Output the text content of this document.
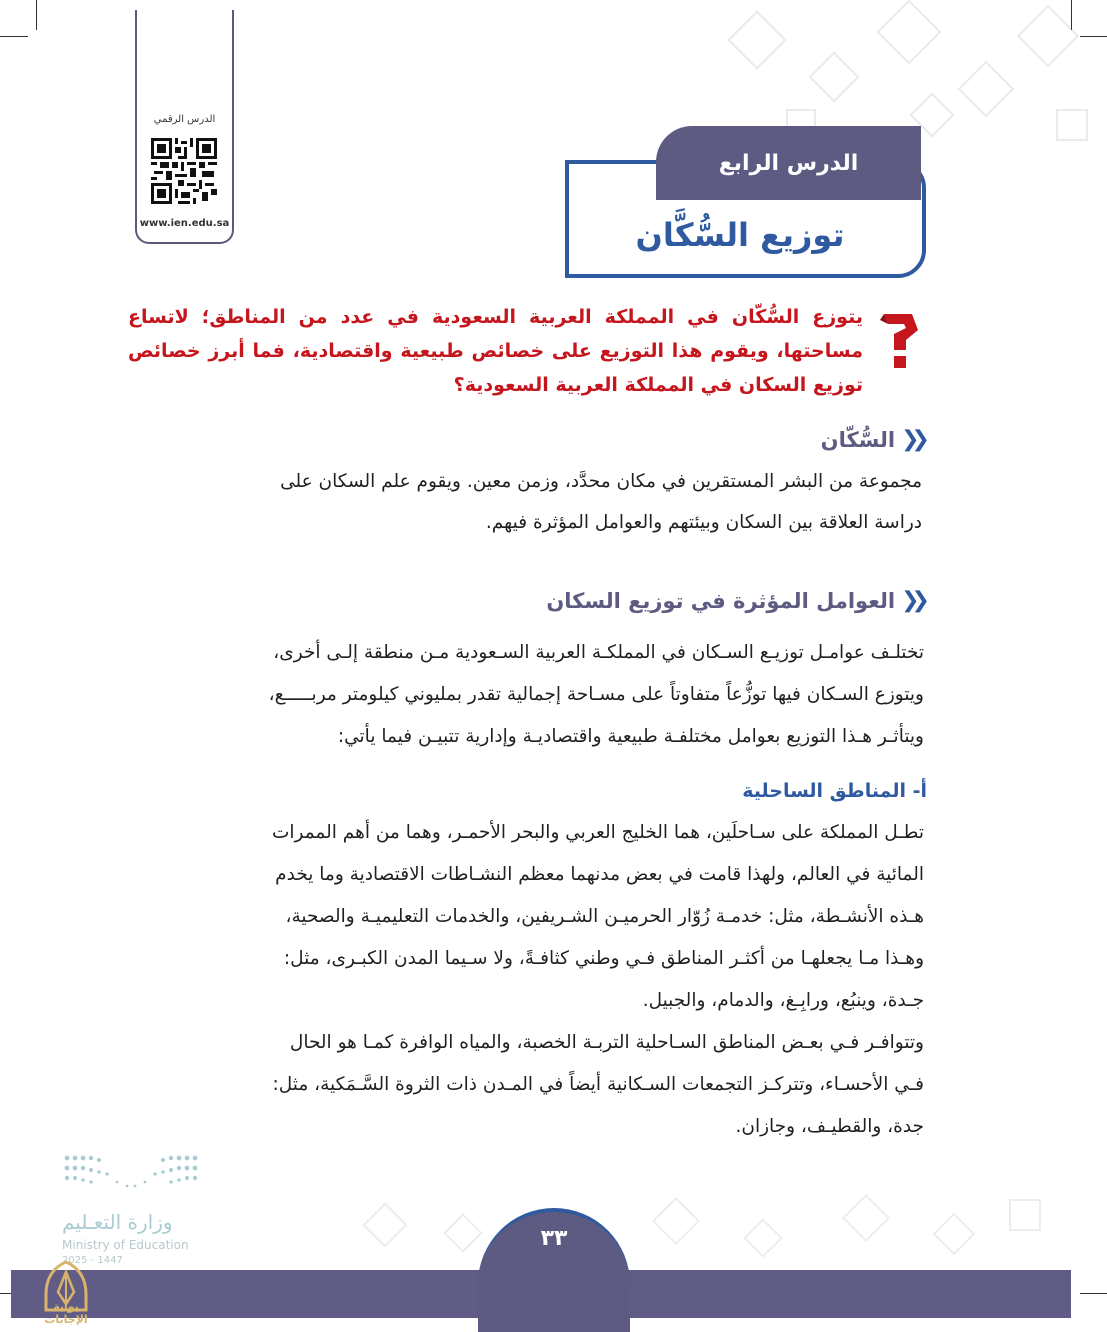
الدرس الرقمي
www.ien.edu.sa
الدرس الرابع
توزيع السُّكَّان
يتوزع السُّكّان في المملكة العربية السعودية في عدد من المناطق؛ لاتساع مساحتها، ويقوم هذا التوزيع على خصائص طبيعية واقتصادية، فما أبرز خصائص توزيع السكان في المملكة العربية السعودية؟
❮❮
السُّكّان
مجموعة من البشر المستقرين في مكان محدَّد، وزمن معين. ويقوم علم السكان على
دراسة العلاقة بين السكان وبيئتهم والعوامل المؤثرة فيهم.
❮❮
العوامل المؤثرة في توزيع السكان
تختلـف عوامـل توزيـع السـكان في المملكـة العربية السـعودية مـن منطقة إلـى أخرى،
ويتوزع السـكان فيها توزُّعاً متفاوتاً على مسـاحة إجمالية تقدر بمليوني كيلومتر مربـــــع،
ويتأثـر هـذا التوزيع بعوامل مختلفـة طبيعية واقتصاديـة وإدارية تتبيـن فيما يأتي:
أ- المناطق الساحلية
تطـل المملكة على سـاحلَين، هما الخليج العربي والبحر الأحمـر، وهما من أهم الممرات
المائية في العالم، ولهذا قامت في بعض مدنهما معظم النشـاطات الاقتصادية وما يخدم
هـذه الأنشـطة، مثل: خدمـة زُوّار الحرميـن الشـريفين، والخدمات التعليميـة والصحية،
وهـذا مـا يجعلهـا من أكثـر المناطق فـي وطني كثافـةً، ولا سـيما المدن الكبـرى، مثل:
جـدة، وينبُع، ورابِـغ، والدمام، والجبيل.
وتتوافـر فـي بعـض المناطق السـاحلية التربـة الخصبة، والمياه الوافرة كمـا هو الحال
فـي الأحسـاء، وتتركـز التجمعات السـكانية أيضاً في المـدن ذات الثروة السَّـمَكية، مثل:
جدة، والقطيـف، وجازان.
وزارة التعـليم
Ministry of Education	٣٣
2025 - 1447
بوابة الإجابات
